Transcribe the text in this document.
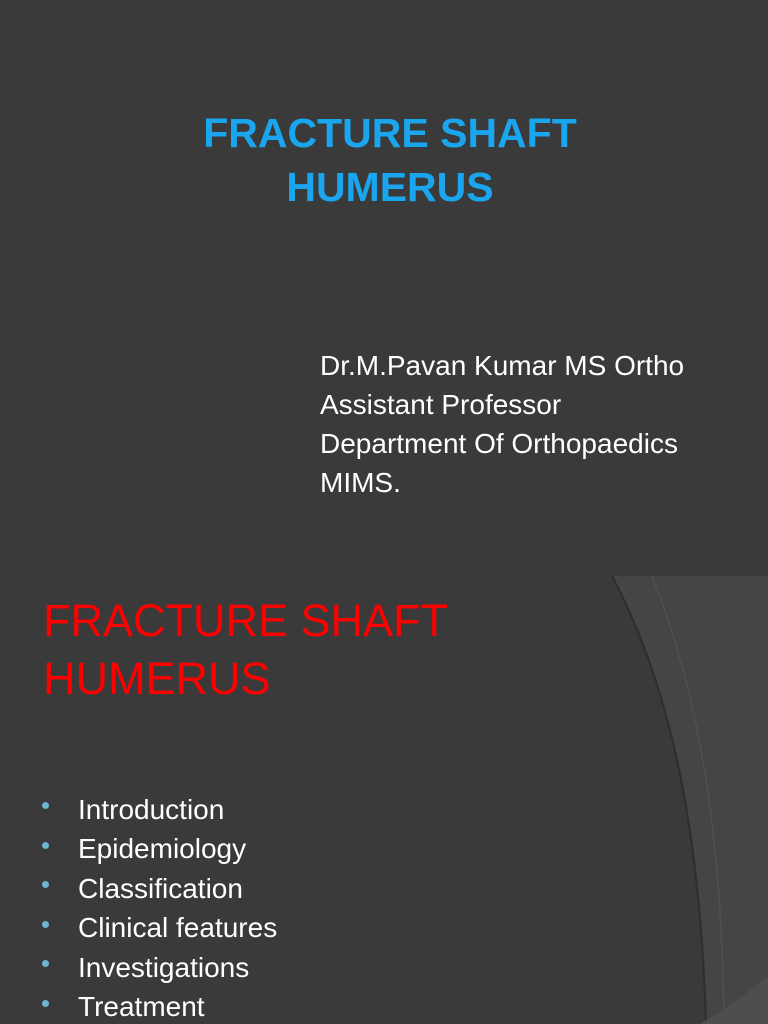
FRACTURE SHAFT
HUMERUS
Dr.M.Pavan Kumar MS Ortho
Assistant Professor
Department Of Orthopaedics
MIMS.
FRACTURE SHAFT
HUMERUS
Introduction
Epidemiology
Classification
Clinical features
Investigations
Treatment
